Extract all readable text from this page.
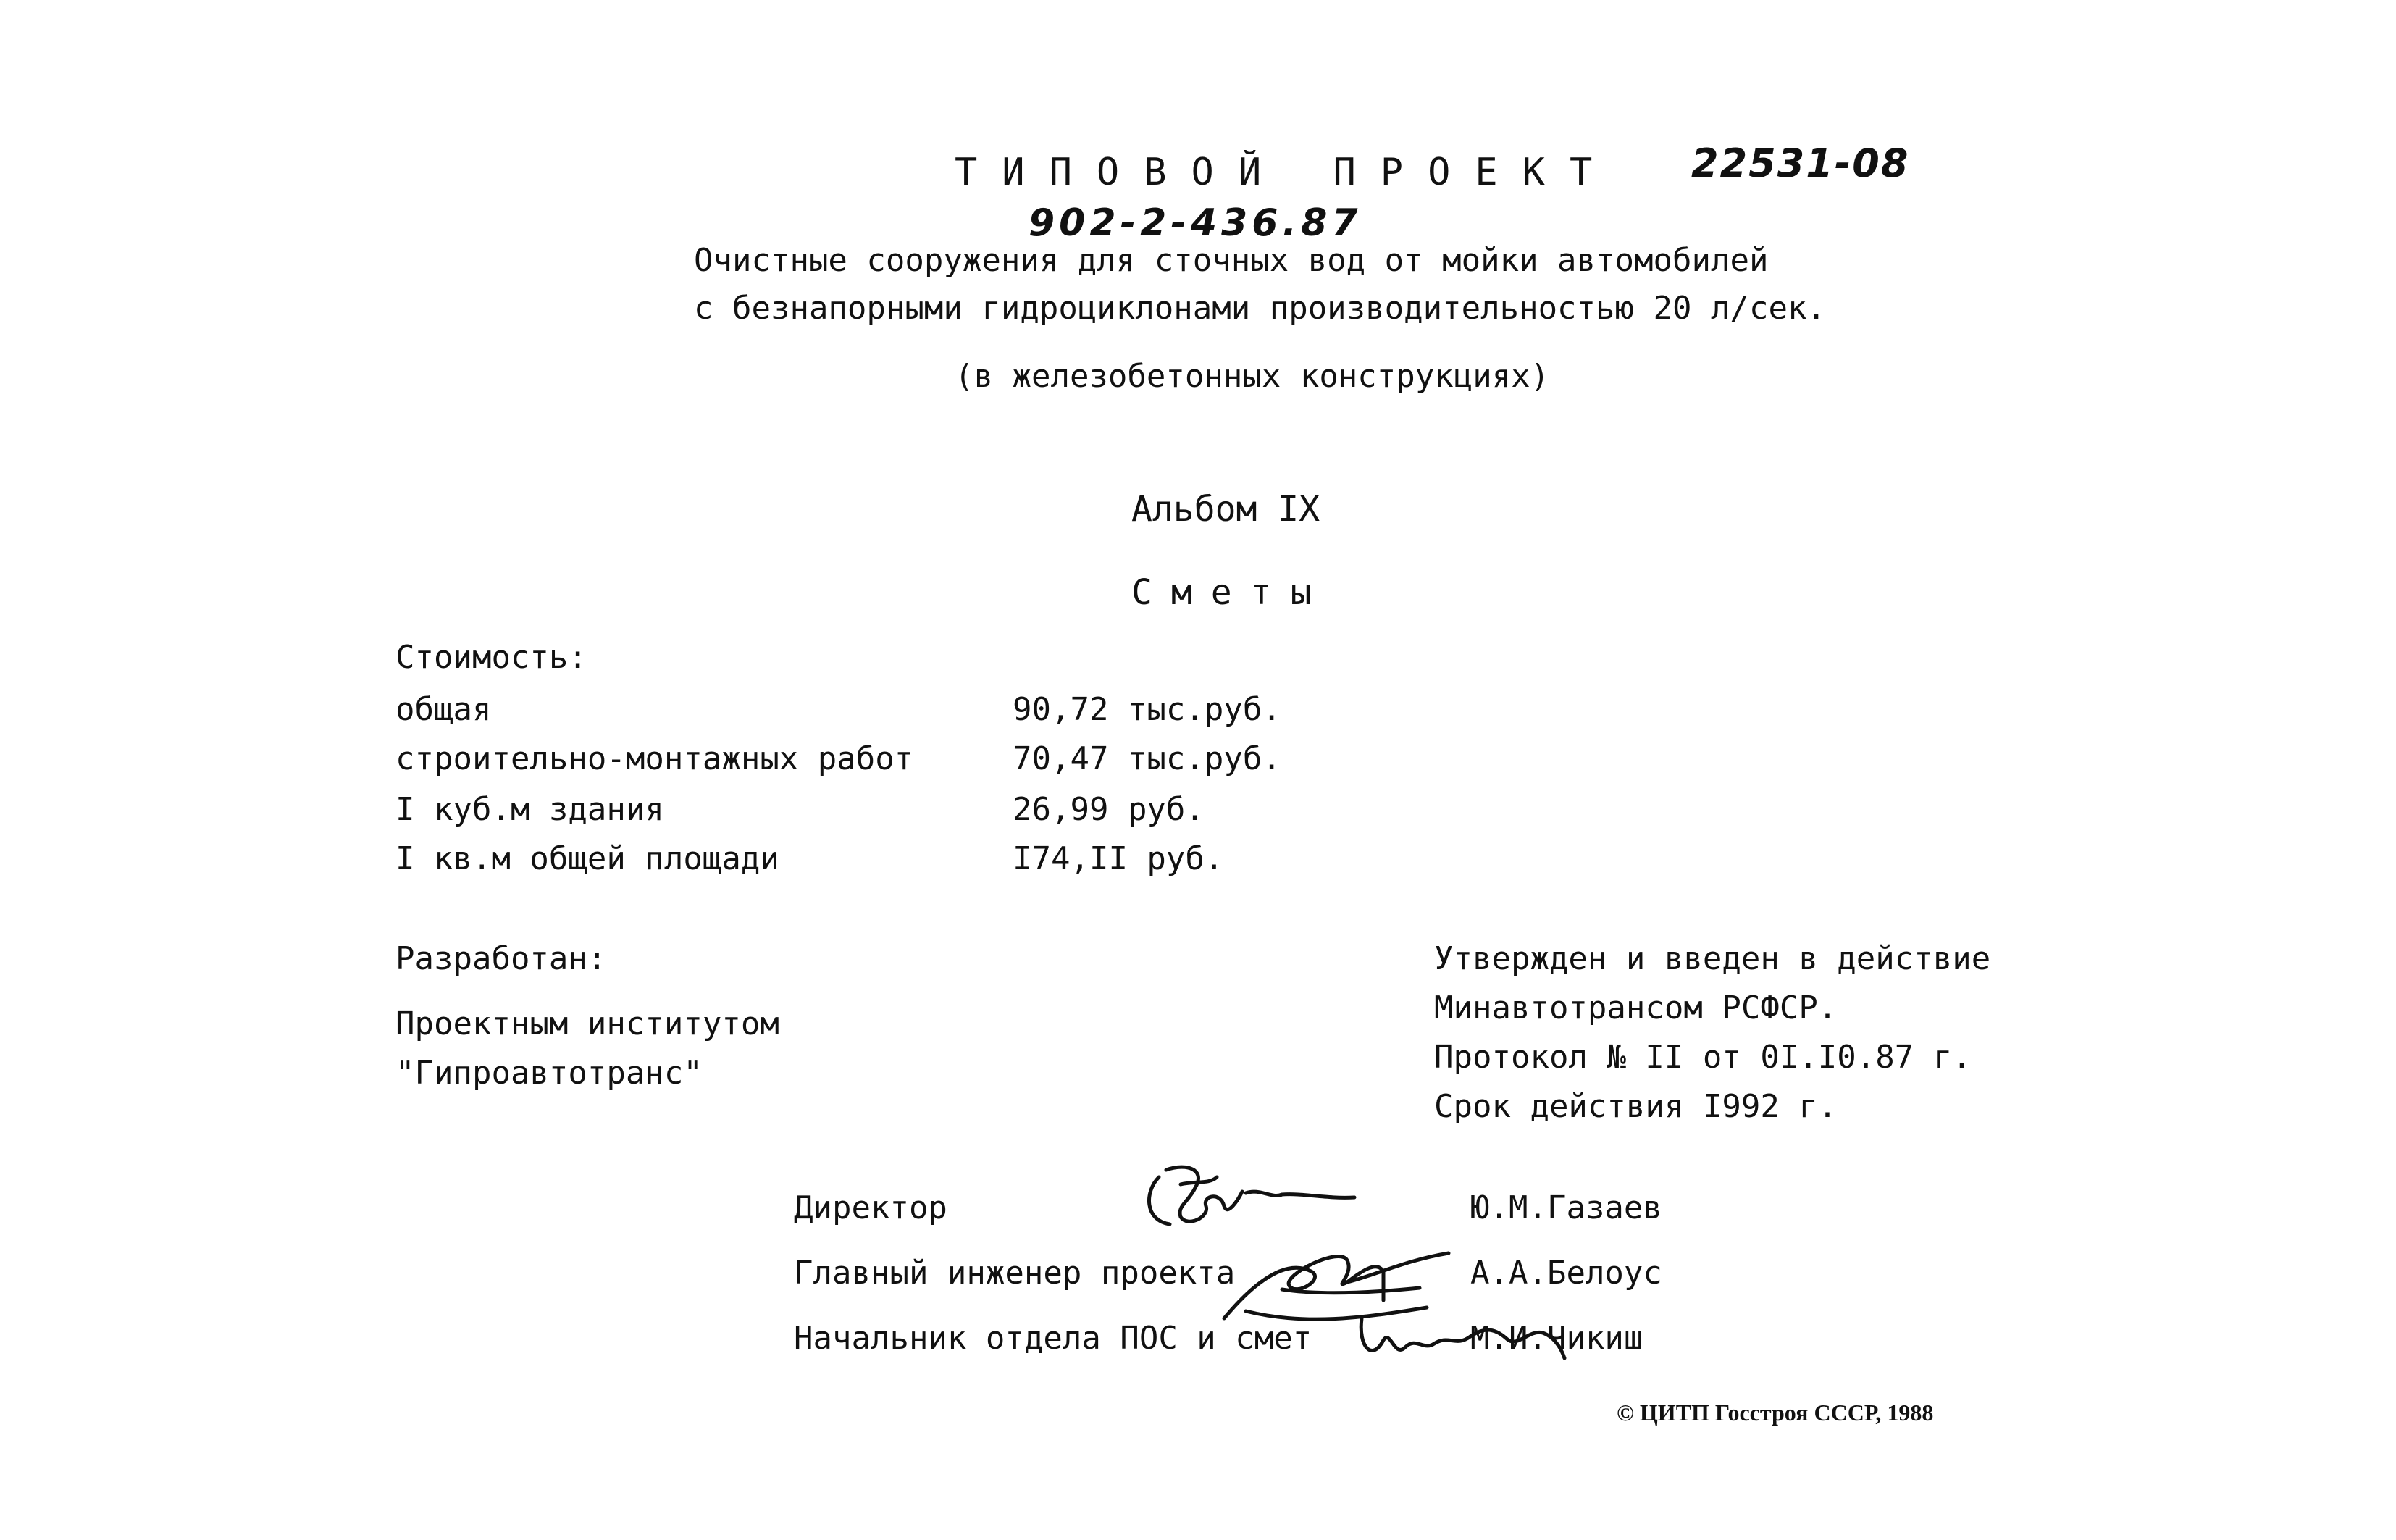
ТИПОВОЙ ПРОЕКТ 22531-08
902-2-436.87
Очистные сооружения для сточных вод от мойки автомобилей
с безнапорными гидроциклонами производительностью 20 л/сек.
(в железобетонных конструкциях)
Альбом IX
Сметы
Стоимость:
общая	90,72 тыс.руб.
строительно-монтажных работ	70,47 тыс.руб.
I куб.м здания	26,99 руб.
I кв.м общей площади	I74,II руб.
Разработан:
Проектным институтом
"Гипроавтотранс"
Утвержден и введен в действие
Минавтотрансом РСФСР.
Протокол № II от 0I.I0.87 г.
Срок действия I992 г.
Директор	Ю.М.Газаев
Главный инженер проекта	А.А.Белоус
Начальник отдела ПОС и смет	М.И.Чикиш
© ЦИТП Госстроя СССР, 1988
